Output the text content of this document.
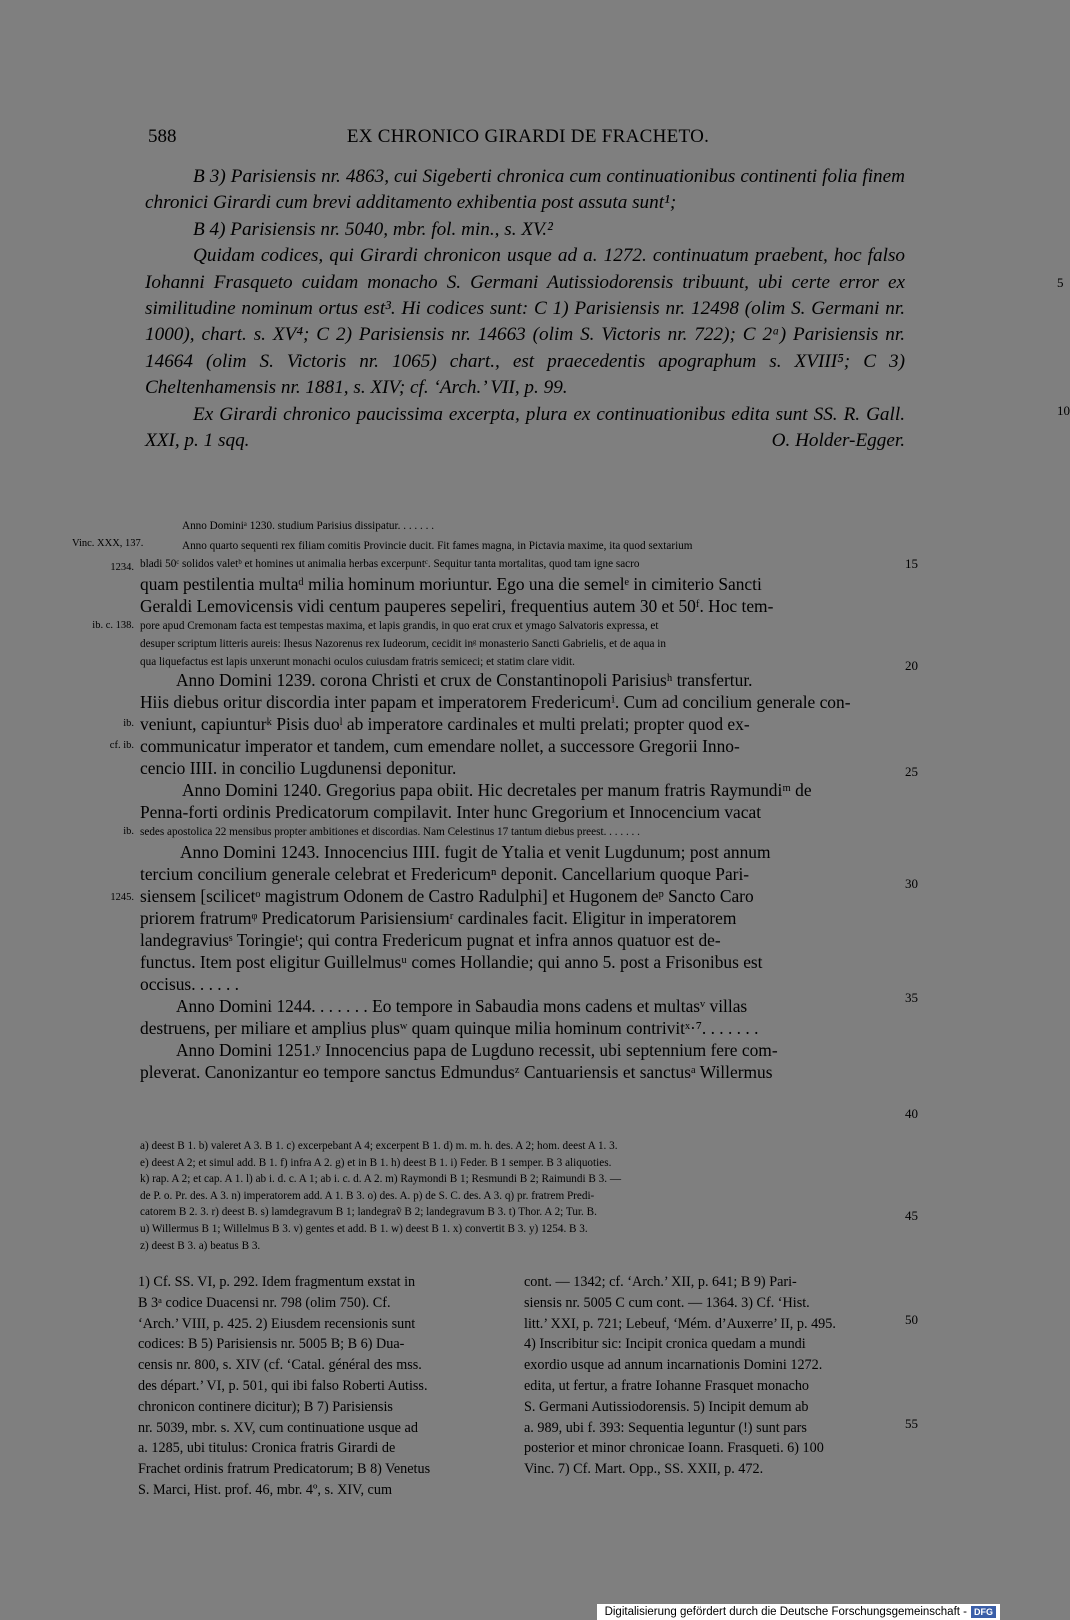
588	EX CHRONICO GIRARDI DE FRACHETO.

B 3) Parisiensis nr. 4863, cui Sigeberti chronica cum continuationibus continenti folia finem chronici Girardi cum brevi additamento exhibentia post assuta sunt¹;

B 4) Parisiensis nr. 5040, mbr. fol. min., s. XV.²

Quidam codices, qui Girardi chronicon usque ad a. 1272. continuatum praebent, hoc falso Iohanni Frasqueto cuidam monacho S. Germani Autissiodorensis tribuunt, ubi certe error ex similitudine nominum ortus est³. Hi codices sunt: C 1) Parisiensis nr. 12498 (olim S. Germani nr. 1000), chart. s. XV⁴; C 2) Parisiensis nr. 14663 (olim S. Victoris nr. 722); C 2ᵃ) Parisiensis nr. 14664 (olim S. Victoris nr. 1065) chart., est praecedentis apographum s. XVIII⁵; C 3) Cheltenhamensis nr. 1881, s. XIV; cf. ‘Arch.’ VII, p. 99.

Ex Girardi chronico paucissima excerpta, plura ex continuationibus edita sunt SS. R. Gall. XXI, p. 1 sqq.	O. Holder-Egger.

5
10
Anno Dominiᵃ 1230. studium Parisius dissipatur. . . . . . .
Anno quarto sequenti rex filiam comitis Provincie ducit. Fit fames magna, in Pictavia maxime, ita quod sextarium
bladi 50ᶜ solidos valetᵇ et homines ut animalia herbas excerpuntᶜ. Sequitur tanta mortalitas, quod tam igne sacro
quam pestilentia multaᵈ milia hominum moriuntur. Ego una die semelᵉ in cimiterio Sancti
Geraldi Lemovicensis vidi centum pauperes sepeliri, frequentius autem 30 et 50ᶠ. Hoc tem-
pore apud Cremonam facta est tempestas maxima, et lapis grandis, in quo erat crux et ymago Salvatoris expressa, et
desuper scriptum litteris aureis: Ihesus Nazorenus rex Iudeorum, cecidit inᵍ monasterio Sancti Gabrielis, et de aqua in
qua liquefactus est lapis unxerunt monachi oculos cuiusdam fratris semiceci; et statim clare vidit.
Anno Domini 1239. corona Christi et crux de Constantinopoli Parisiusʰ transfertur.
Hiis diebus oritur discordia inter papam et imperatorem Fredericumⁱ. Cum ad concilium generale con-
veniunt, capiunturᵏ Pisis duoˡ ab imperatore cardinales et multi prelati; propter quod ex-
communicatur imperator et tandem, cum emendare nollet, a successore Gregorii Inno-
cencio IIII. in concilio Lugdunensi deponitur.
Anno Domini 1240. Gregorius papa obiit. Hic decretales per manum fratris Raymundiᵐ de
Penna-forti ordinis Predicatorum compilavit. Inter hunc Gregorium et Innocencium vacat
sedes apostolica 22 mensibus propter ambitiones et discordias. Nam Celestinus 17 tantum diebus preest. . . . . . .
Anno Domini 1243. Innocencius IIII. fugit de Ytalia et venit Lugdunum; post annum
tercium concilium generale celebrat et Fredericumⁿ deponit. Cancellarium quoque Pari-
siensem [scilicetᵒ magistrum Odonem de Castro Radulphi] et Hugonem deᵖ Sancto Caro
priorem fratrumᵠ Predicatorum Parisiensiumʳ cardinales facit. Eligitur in imperatorem
landegraviusˢ Toringieᵗ; qui contra Fredericum pugnat et infra annos quatuor est de-
functus. Item post eligitur Guillelmusᵘ comes Hollandie; qui anno 5. post a Frisonibus est
occisus. . . . . .
Anno Domini 1244. . . . . . . Eo tempore in Sabaudia mons cadens et multasᵛ villas
destruens, per miliare et amplius plusʷ quam quinque milia hominum contrivitˣ·⁷. . . . . . .
Anno Domini 1251.ʸ Innocencius papa de Lugduno recessit, ubi septennium fere com-
pleverat. Canonizantur eo tempore sanctus Edmundusᶻ Cantuariensis et sanctusᵃ Willermus
Vinc. XXX, 137.
1234.
ib. c. 138.
ib.
cf. ib.
ib.
1245.
15
20
25
30
35
40
a) deest B 1. b) valeret A 3. B 1. c) excerpebant A 4; excerpent B 1. d) m. m. h. des. A 2; hom. deest A 1. 3.
e) deest A 2; et simul add. B 1. f) infra A 2. g) et in B 1. h) deest B 1. i) Feder. B 1 semper. B 3 aliquoties.
k) rap. A 2; et cap. A 1. l) ab i. d. c. A 1; ab i. c. d. A 2. m) Raymondi B 1; Resmundi B 2; Raimundi B 3. —
de P. o. Pr. des. A 3. n) imperatorem add. A 1. B 3. o) des. A. p) de S. C. des. A 3. q) pr. fratrem Predi-
catorem B 2. 3. r) deest B. s) lamdegravum B 1; landegraṽ B 2; landegravum B 3. t) Thor. A 2; Tur. B.
u) Willermus B 1; Willelmus B 3. v) gentes et add. B 1. w) deest B 1. x) convertit B 3. y) 1254. B 3.
z) deest B 3. a) beatus B 3.
45
1) Cf. SS. VI, p. 292. Idem fragmentum exstat in
B 3ᵃ codice Duacensi nr. 798 (olim 750). Cf.
‘Arch.’ VIII, p. 425. 2) Eiusdem recensionis sunt
codices: B 5) Parisiensis nr. 5005 B; B 6) Dua-
censis nr. 800, s. XIV (cf. ‘Catal. général des mss.
des départ.’ VI, p. 501, qui ibi falso Roberti Autiss.
chronicon continere dicitur); B 7) Parisiensis
nr. 5039, mbr. s. XV, cum continuatione usque ad
a. 1285, ubi titulus: Cronica fratris Girardi de
Frachet ordinis fratrum Predicatorum; B 8) Venetus
S. Marci, Hist. prof. 46, mbr. 4º, s. XIV, cum
cont. — 1342; cf. ‘Arch.’ XII, p. 641; B 9) Pari-
siensis nr. 5005 C cum cont. — 1364. 3) Cf. ‘Hist.
litt.’ XXI, p. 721; Lebeuf, ‘Mém. d’Auxerre’ II, p. 495.
4) Inscribitur sic: Incipit cronica quedam a mundi
exordio usque ad annum incarnationis Domini 1272.
edita, ut fertur, a fratre Iohanne Frasquet monacho
S. Germani Autissiodorensis. 5) Incipit demum ab
a. 989, ubi f. 393: Sequentia leguntur (!) sunt pars
posterior et minor chronicae Ioann. Frasqueti. 6) 100
Vinc. 7) Cf. Mart. Opp., SS. XXII, p. 472.
50
55
Digitalisierung gefördert durch die Deutsche Forschungsgemeinschaft - DFG
